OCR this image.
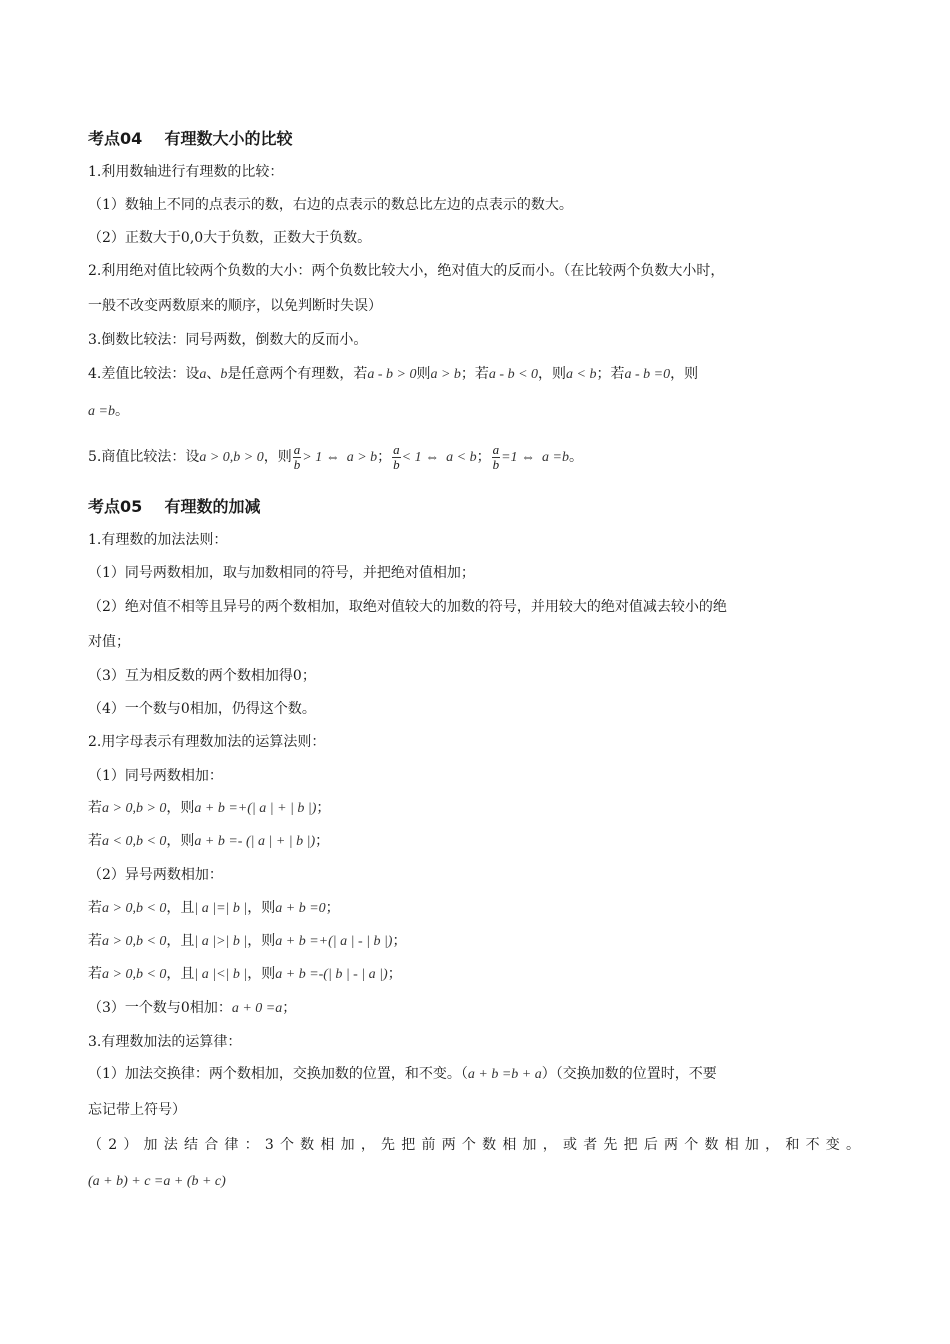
考点04    有理数大小的比较
1.利用数轴进行有理数的比较：
（1）数轴上不同的点表示的数，右边的点表示的数总比左边的点表示的数大。
（2）正数大于0,0大于负数，正数大于负数。
2.利用绝对值比较两个负数的大小：两个负数比较大小，绝对值大的反而小。（在比较两个负数大小时，
一般不改变两数原来的顺序，以免判断时失误）
3.倒数比较法：同号两数，倒数大的反而小。
4.差值比较法：设a、b是任意两个有理数，若a - b > 0则a > b；若a - b < 0，则a < b；若a - b =0，则
a =b。
5.商值比较法：设a > 0,b > 0，则 $\frac{a}{b} > 1$ ⇔  a > b； $\frac{a}{b} < 1$ ⇔  a < b； $\frac{a}{b} =1$ ⇔  a =b。
考点05    有理数的加减
1.有理数的加法法则：
（1）同号两数相加，取与加数相同的符号，并把绝对值相加；
（2）绝对值不相等且异号的两个数相加，取绝对值较大的加数的符号，并用较大的绝对值减去较小的绝
对值；
（3）互为相反数的两个数相加得0；
（4）一个数与0相加，仍得这个数。
2.用字母表示有理数加法的运算法则：
（1）同号两数相加：
若a > 0,b > 0，则a + b =+(| a | + | b |)；
若a < 0,b < 0，则a + b =- (| a | + | b |)；
（2）异号两数相加：
若a > 0,b < 0，且| a |=| b |，则a + b =0；
若a > 0,b < 0，且| a |>| b |，则a + b =+(| a | - | b |)；
若a > 0,b < 0，且| a |<| b |，则a + b =-(| b | - | a |)；
（3）一个数与0相加：a + 0 =a；
3.有理数加法的运算律：
（1）加法交换律：两个数相加，交换加数的位置，和不变。（a + b =b + a）（交换加数的位置时，不要
忘记带上符号）
（2）加法结合律：3个数相加，先把前两个数相加，或者先把后两个数相加，和不变。
(a + b) + c =a + (b + c)
